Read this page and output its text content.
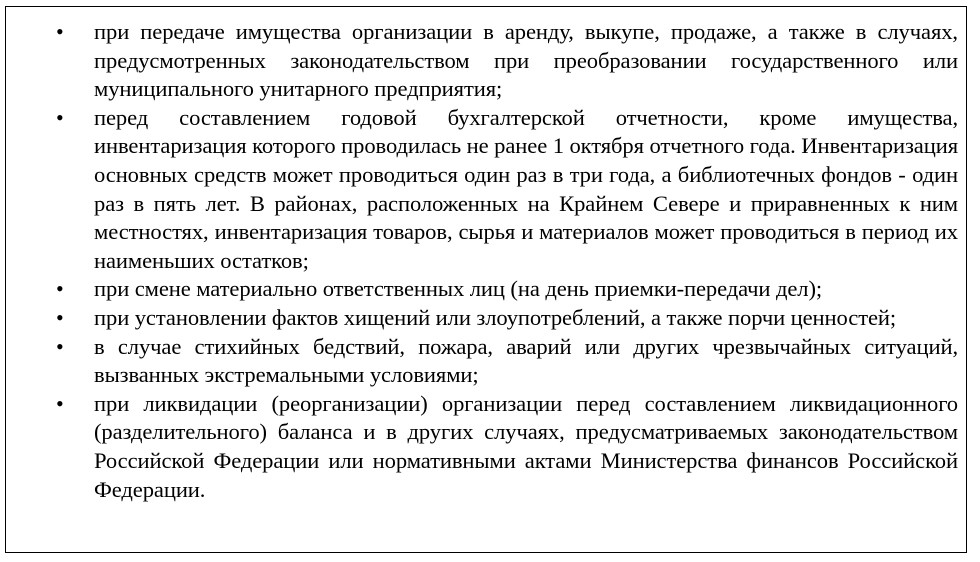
• при передаче имущества организации в аренду, выкупе, продаже, а также в случаях, предусмотренных законодательством при преобразовании государственного или муниципального унитарного предприятия;
• перед составлением годовой бухгалтерской отчетности, кроме имущества, инвентаризация которого проводилась не ранее 1 октября отчетного года. Инвентаризация основных средств может проводиться один раз в три года, а библиотечных фондов - один раз в пять лет. В районах, расположенных на Крайнем Севере и приравненных к ним местностях, инвентаризация товаров, сырья и материалов может проводиться в период их наименьших остатков;
• при смене материально ответственных лиц (на день приемки-передачи дел);
• при установлении фактов хищений или злоупотреблений, а также порчи ценностей;
• в случае стихийных бедствий, пожара, аварий или других чрезвычайных ситуаций, вызванных экстремальными условиями;
• при ликвидации (реорганизации) организации перед составлением ликвидационного (разделительного) баланса и в других случаях, предусматриваемых законодательством Российской Федерации или нормативными актами Министерства финансов Российской Федерации.
